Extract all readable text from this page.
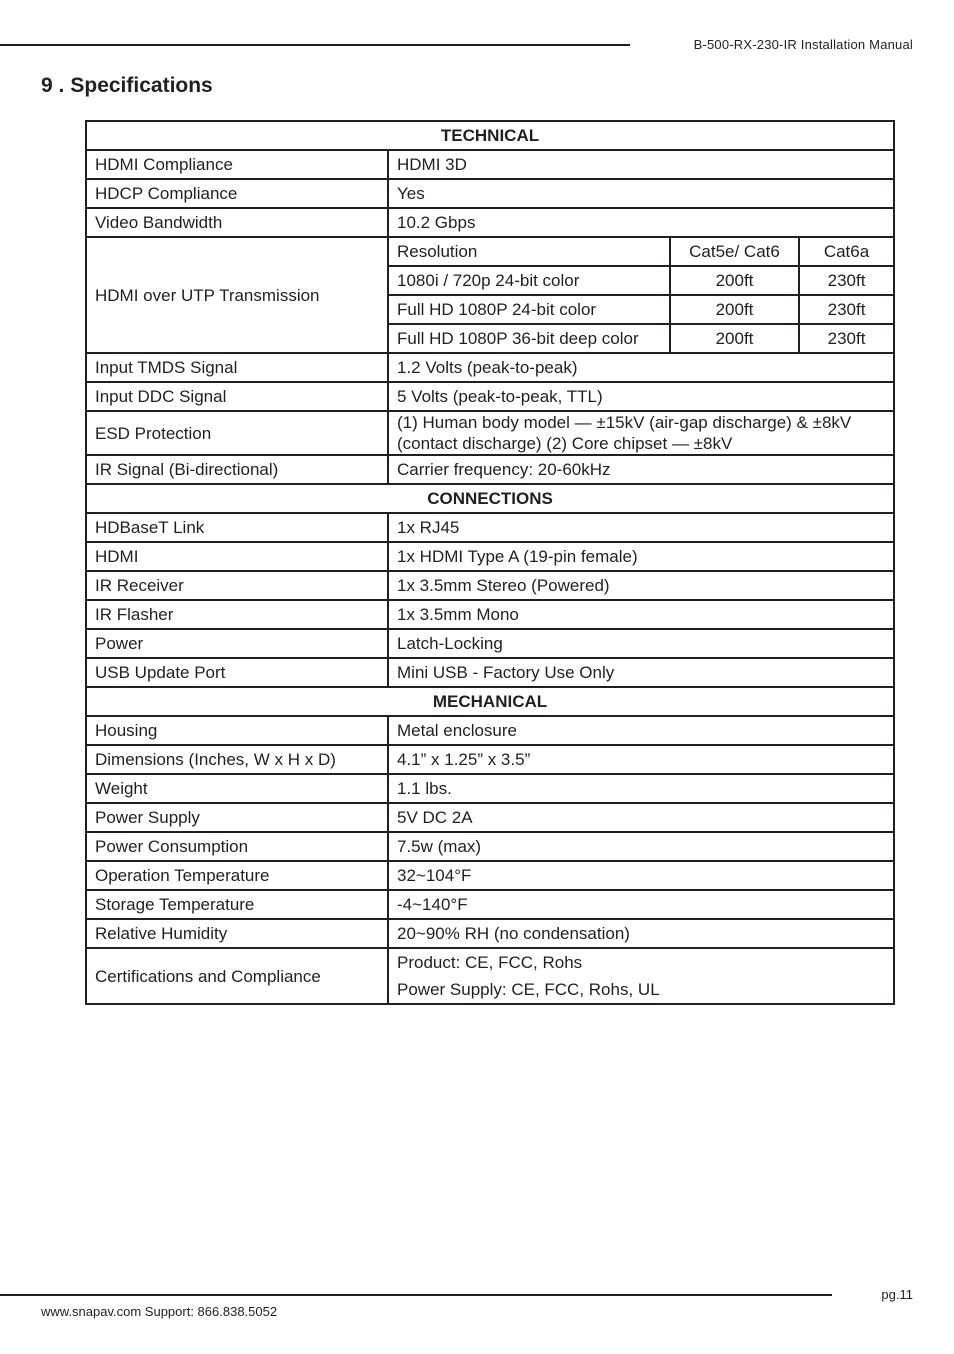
B-500-RX-230-IR Installation Manual
9 . Specifications
TECHNICAL			
HDMI Compliance	HDMI 3D		
HDCP Compliance	Yes		
Video Bandwidth	10.2 Gbps		
HDMI over UTP Transmission	Resolution	Cat5e/ Cat6	Cat6a
	1080i / 720p 24-bit color	200ft	230ft
	Full HD 1080P 24-bit color	200ft	230ft
	Full HD 1080P 36-bit deep color	200ft	230ft
Input TMDS Signal	1.2 Volts (peak-to-peak)		
Input DDC Signal	5 Volts (peak-to-peak, TTL)		
ESD Protection	(1) Human body model — ±15kV (air-gap discharge) & ±8kV (contact discharge) (2) Core chipset — ±8kV		
IR Signal (Bi-directional)	Carrier frequency: 20-60kHz		
CONNECTIONS			
HDBaseT Link	1x RJ45		
HDMI	1x HDMI Type A (19-pin female)		
IR Receiver	1x 3.5mm Stereo (Powered)		
IR Flasher	1x 3.5mm Mono		
Power	Latch-Locking		
USB Update Port	Mini USB - Factory Use Only		
MECHANICAL			
Housing	Metal enclosure		
Dimensions (Inches, W x H x D)	4.1” x 1.25” x 3.5”		
Weight	1.1 lbs.		
Power Supply	5V DC 2A		
Power Consumption	7.5w (max)		
Operation Temperature	32~104°F		
Storage Temperature	-4~140°F		
Relative Humidity	20~90% RH (no condensation)		
Certifications and Compliance	Product: CE, FCC, Rohs
Power Supply: CE, FCC, Rohs, UL		
pg.11
www.snapav.com Support: 866.838.5052
